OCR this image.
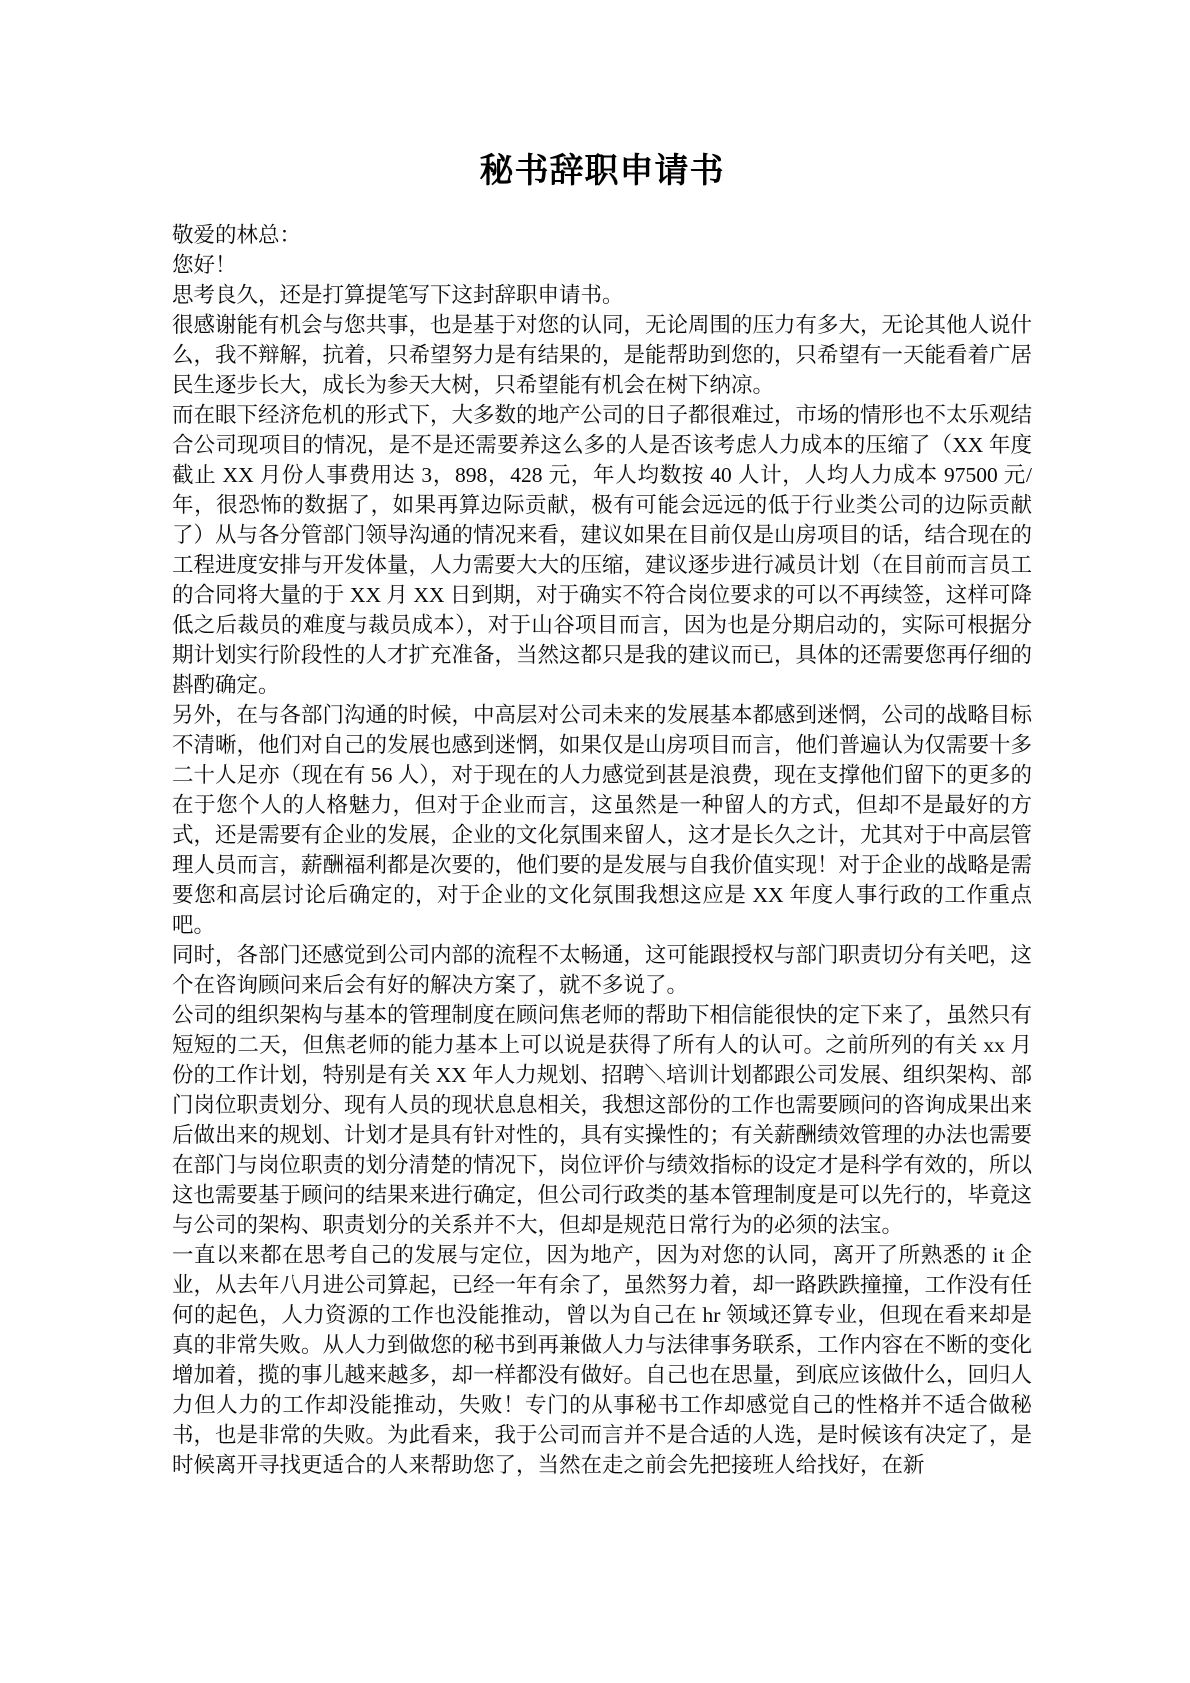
秘书辞职申请书

敬爱的林总：

您好！

思考良久，还是打算提笔写下这封辞职申请书。

很感谢能有机会与您共事，也是基于对您的认同，无论周围的压力有多大，无论其他人说什么，我不辩解，抗着，只希望努力是有结果的，是能帮助到您的，只希望有一天能看着广居民生逐步长大，成长为参天大树，只希望能有机会在树下纳凉。

而在眼下经济危机的形式下，大多数的地产公司的日子都很难过，市场的情形也不太乐观结合公司现项目的情况，是不是还需要养这么多的人是否该考虑人力成本的压缩了（XX 年度截止 XX 月份人事费用达 3，898，428 元，年人均数按 40 人计，人均人力成本 97500 元/年，很恐怖的数据了，如果再算边际贡献，极有可能会远远的低于行业类公司的边际贡献了）从与各分管部门领导沟通的情况来看，建议如果在目前仅是山房项目的话，结合现在的工程进度安排与开发体量，人力需要大大的压缩，建议逐步进行减员计划（在目前而言员工的合同将大量的于 XX 月 XX 日到期，对于确实不符合岗位要求的可以不再续签，这样可降低之后裁员的难度与裁员成本），对于山谷项目而言，因为也是分期启动的，实际可根据分期计划实行阶段性的人才扩充准备，当然这都只是我的建议而已，具体的还需要您再仔细的斟酌确定。

另外，在与各部门沟通的时候，中高层对公司未来的发展基本都感到迷惘，公司的战略目标不清晰，他们对自己的发展也感到迷惘，如果仅是山房项目而言，他们普遍认为仅需要十多二十人足亦（现在有 56 人），对于现在的人力感觉到甚是浪费，现在支撑他们留下的更多的在于您个人的人格魅力，但对于企业而言，这虽然是一种留人的方式，但却不是最好的方式，还是需要有企业的发展，企业的文化氛围来留人，这才是长久之计，尤其对于中高层管理人员而言，薪酬福利都是次要的，他们要的是发展与自我价值实现！对于企业的战略是需要您和高层讨论后确定的，对于企业的文化氛围我想这应是 XX 年度人事行政的工作重点吧。

同时，各部门还感觉到公司内部的流程不太畅通，这可能跟授权与部门职责切分有关吧，这个在咨询顾问来后会有好的解决方案了，就不多说了。

公司的组织架构与基本的管理制度在顾问焦老师的帮助下相信能很快的定下来了，虽然只有短短的二天，但焦老师的能力基本上可以说是获得了所有人的认可。之前所列的有关 xx 月份的工作计划，特别是有关 XX 年人力规划、招聘＼培训计划都跟公司发展、组织架构、部门岗位职责划分、现有人员的现状息息相关，我想这部份的工作也需要顾问的咨询成果出来后做出来的规划、计划才是具有针对性的，具有实操性的；有关薪酬绩效管理的办法也需要在部门与岗位职责的划分清楚的情况下，岗位评价与绩效指标的设定才是科学有效的，所以这也需要基于顾问的结果来进行确定，但公司行政类的基本管理制度是可以先行的，毕竟这与公司的架构、职责划分的关系并不大，但却是规范日常行为的必须的法宝。

一直以来都在思考自己的发展与定位，因为地产，因为对您的认同，离开了所熟悉的 it 企业，从去年八月进公司算起，已经一年有余了，虽然努力着，却一路跌跌撞撞，工作没有任何的起色，人力资源的工作也没能推动，曾以为自己在 hr 领域还算专业，但现在看来却是真的非常失败。从人力到做您的秘书到再兼做人力与法律事务联系，工作内容在不断的变化增加着，揽的事儿越来越多，却一样都没有做好。自己也在思量，到底应该做什么，回归人力但人力的工作却没能推动，失败！专门的从事秘书工作却感觉自己的性格并不适合做秘书，也是非常的失败。为此看来，我于公司而言并不是合适的人选，是时候该有决定了，是时候离开寻找更适合的人来帮助您了，当然在走之前会先把接班人给找好，在新
